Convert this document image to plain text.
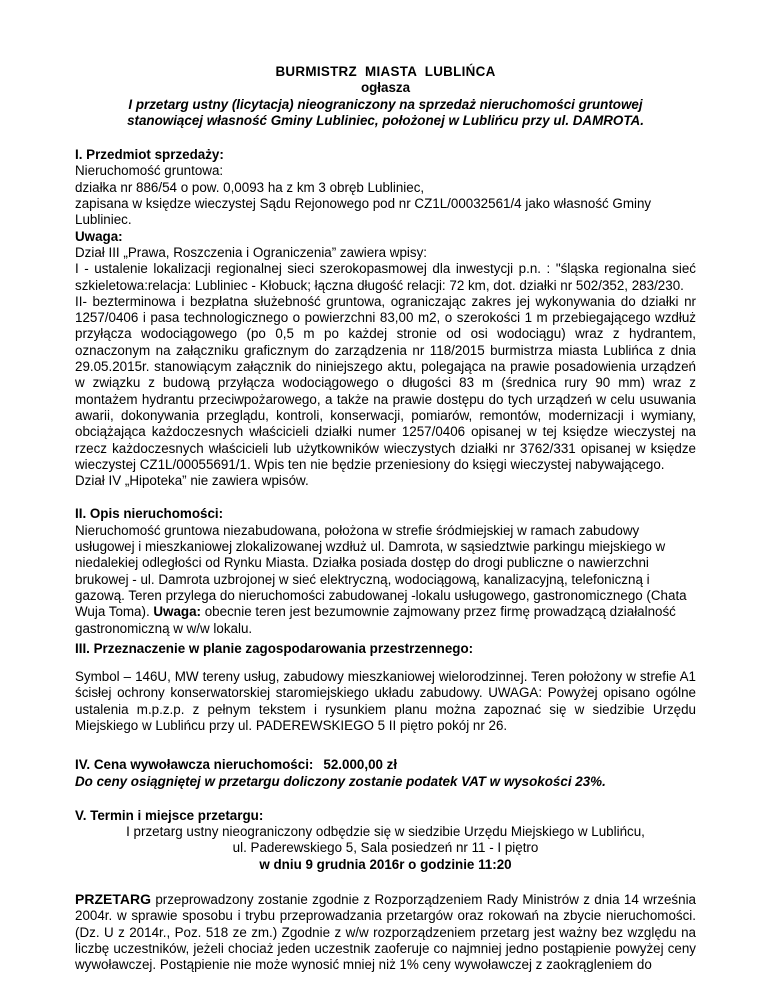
BURMISTRZ  MIASTA  LUBLIŃCA
ogłasza
I przetarg ustny (licytacja) nieograniczony na sprzedaż nieruchomości gruntowej
stanowiącej własność Gminy Lubliniec, położonej w Lublińcu przy ul. DAMROTA.
I. Przedmiot sprzedaży:
Nieruchomość gruntowa:
działka nr 886/54 o pow. 0,0093 ha z km 3 obręb Lubliniec,
zapisana w księdze wieczystej Sądu Rejonowego pod nr CZ1L/00032561/4 jako własność Gminy Lubliniec.
Uwaga:
Dział III „Prawa, Roszczenia i Ograniczenia” zawiera wpisy:

I - ustalenie lokalizacji regionalnej sieci szerokopasmowej dla inwestycji p.n. : "śląska regionalna sieć szkieletowa:relacja: Lubliniec - Kłobuck; łączna długość relacji: 72 km, dot. działki nr 502/352, 283/230.

II- bezterminowa i bezpłatna służebność gruntowa, ograniczając zakres jej wykonywania do działki nr 1257/0406 i pasa technologicznego o powierzchni 83,00 m2, o szerokości 1 m przebiegającego wzdłuż przyłącza wodociągowego (po 0,5 m po każdej stronie od osi wodociągu) wraz z hydrantem, oznaczonym na załączniku graficznym do zarządzenia nr 118/2015 burmistrza miasta Lublińca z dnia 29.05.2015r. stanowiącym załącznik do niniejszego aktu, polegająca na prawie posadowienia urządzeń w związku z budową przyłącza wodociągowego o długości 83 m (średnica rury 90 mm) wraz z montażem hydrantu przeciwpożarowego, a także na prawie dostępu do tych urządzeń w celu usuwania awarii, dokonywania przeglądu, kontroli, konserwacji, pomiarów, remontów, modernizacji i wymiany, obciążająca każdoczesnych właścicieli działki numer 1257/0406 opisanej w tej księdze wieczystej na rzecz każdoczesnych właścicieli lub użytkowników wieczystych działki nr 3762/331 opisanej w księdze wieczystej CZ1L/00055691/1. Wpis ten nie będzie przeniesiony do księgi wieczystej nabywającego.

Dział IV „Hipoteka” nie zawiera wpisów.
II. Opis nieruchomości:

Nieruchomość gruntowa niezabudowana, położona w strefie śródmiejskiej w ramach zabudowy usługowej i mieszkaniowej zlokalizowanej wzdłuż ul. Damrota, w sąsiedztwie parkingu miejskiego w niedalekiej odległości od Rynku Miasta. Działka posiada dostęp do drogi publiczne o nawierzchni brukowej - ul. Damrota uzbrojonej w sieć elektryczną, wodociągową, kanalizacyjną, telefoniczną i gazową. Teren przylega do nieruchomości zabudowanej -lokalu usługowego, gastronomicznego (Chata Wuja Toma). Uwaga: obecnie teren jest bezumownie zajmowany przez firmę prowadzącą działalność gastronomiczną w w/w lokalu.

III. Przeznaczenie w planie zagospodarowania przestrzennego:

Symbol – 146U, MW tereny usług, zabudowy mieszkaniowej wielorodzinnej. Teren położony w strefie A1 ścisłej ochrony konserwatorskiej staromiejskiego układu zabudowy. UWAGA: Powyżej opisano ogólne ustalenia m.p.z.p. z pełnym tekstem i rysunkiem planu można zapoznać się w siedzibie Urzędu Miejskiego w Lublińcu przy ul. PADEREWSKIEGO 5 II piętro pokój nr 26.

IV. Cena wywoławcza nieruchomości: 52.000,00 zł
Do ceny osiągniętej w przetargu doliczony zostanie podatek VAT w wysokości 23%.
V. Termin i miejsce przetargu:
I przetarg ustny nieograniczony odbędzie się w siedzibie Urzędu Miejskiego w Lublińcu,
ul. Paderewskiego 5, Sala posiedzeń nr 11 - I piętro
w dniu 9 grudnia 2016r o godzinie 11:20

PRZETARG przeprowadzony zostanie zgodnie z Rozporządzeniem Rady Ministrów z dnia 14 września 2004r. w sprawie sposobu i trybu przeprowadzania przetargów oraz rokowań na zbycie nieruchomości. (Dz. U z 2014r., Poz. 518 ze zm.) Zgodnie z w/w rozporządzeniem przetarg jest ważny bez względu na liczbę uczestników, jeżeli chociaż jeden uczestnik zaoferuje co najmniej jedno postąpienie powyżej ceny wywoławczej. Postąpienie nie może wynosić mniej niż 1% ceny wywoławczej z zaokrągleniem do
